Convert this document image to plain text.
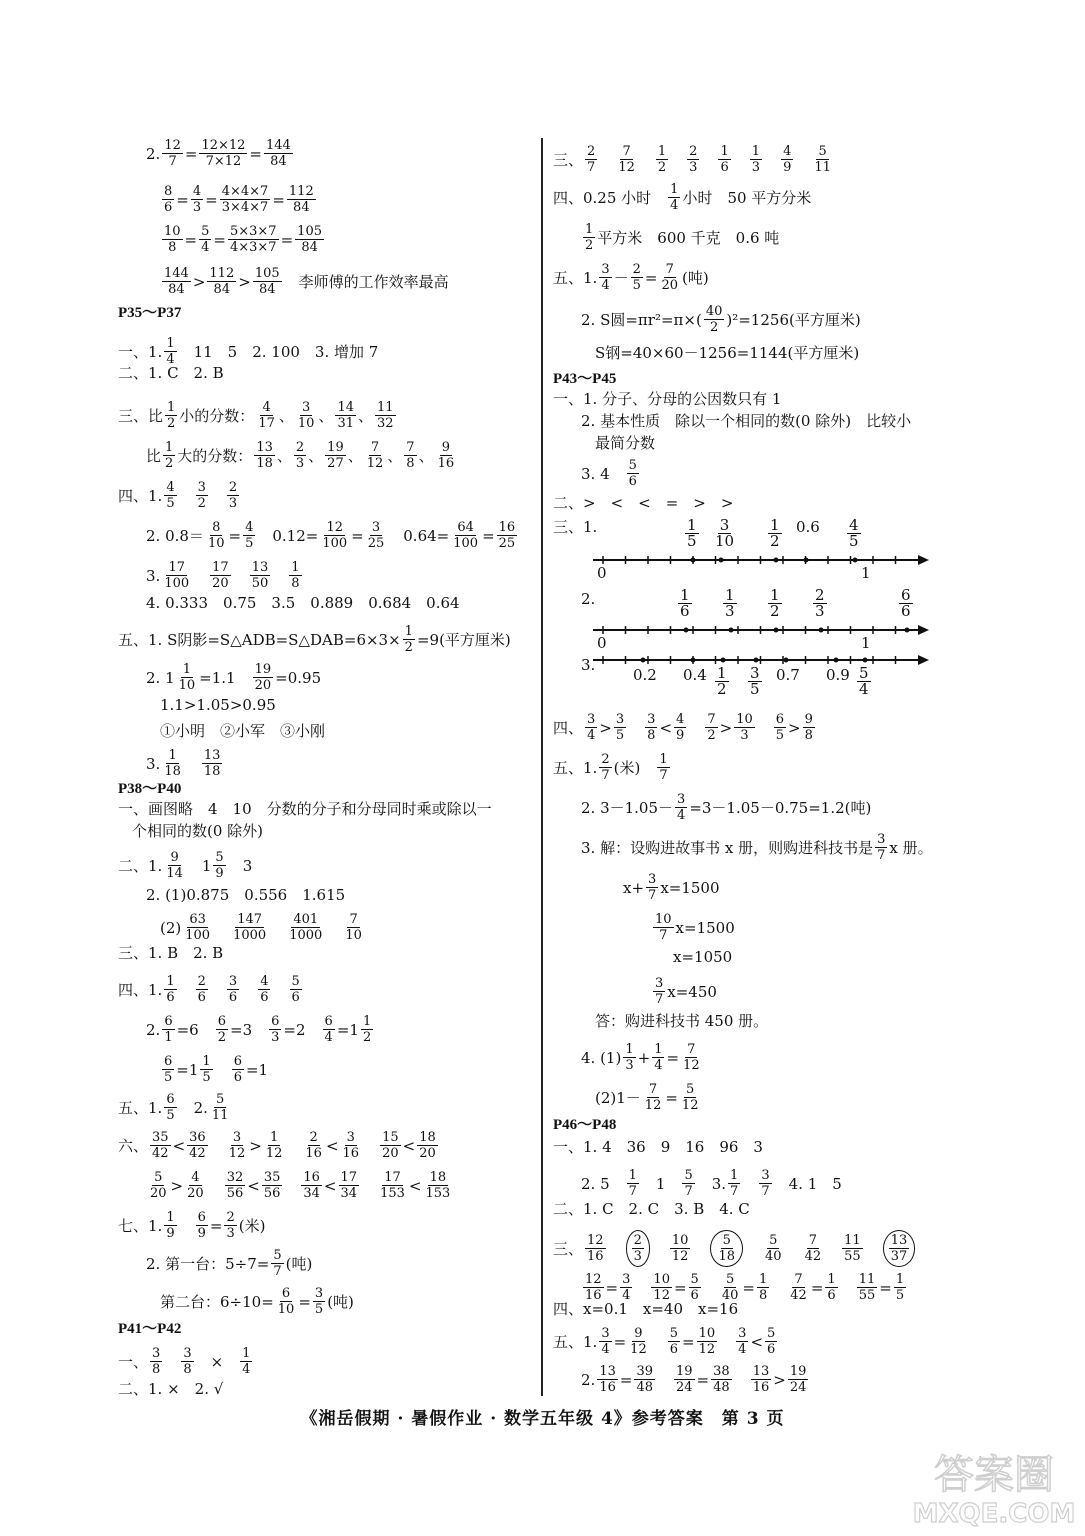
2. $\frac{12}{7} = \frac{12\times 12}{7\times 12} = \frac{144}{84}$
$\frac{8}{6} = \frac{4}{3} = \frac{4\times 4\times 7}{3\times 4\times 7} = \frac{112}{84}$
$\frac{10}{8} = \frac{5}{4} = \frac{5\times 3\times 7}{4\times 3\times 7} = \frac{105}{84}$
$\frac{144}{84} > \frac{112}{84} > \frac{105}{84}$ 　李师傅的工作效率最高
P35～P37
一、1. $\frac{1}{4}$ 　11　5　2. 100　3. 增加 7
二、1. C　2. B
三、比 $\frac{1}{2}$ 小的分数： $\frac{4}{17}$ 、 $\frac{3}{10}$ 、 $\frac{14}{31}$ 、 $\frac{11}{32}$
比 $\frac{1}{2}$ 大的分数： $\frac{13}{18}$ 、 $\frac{2}{3}$ 、 $\frac{19}{27}$ 、 $\frac{7}{12}$ 、 $\frac{7}{8}$ 、 $\frac{9}{16}$
四、1. $\frac{4}{5}$
　 $\frac{3}{2}$
　 $\frac{2}{3}$
2. $0.8= \frac{8}{10} = \frac{4}{5}$ 　$0.12= \frac{12}{100} = \frac{3}{25}$ 　$0.64= \frac{64}{100} = \frac{16}{25}$
3. $\frac{17}{100}$
　 $\frac{17}{20}$
　 $\frac{13}{50}$
　 $\frac{1}{8}$
4. 0.333　0.75　3.5　0.889　0.684　0.64
五、1. S阴影=S△ADB=S△DAB=6×3× $\frac{1}{2} =9$(平方厘米)
2. $1 \frac{1}{10} =1.1$　 $\frac{19}{20} =0.95$
1.1>1.05>0.95
①小明　②小军　③小刚
3. $\frac{1}{18}$
　 $\frac{13}{18}$
P38～P40
一、画图略　4　10　分数的分子和分母同时乘或除以一
个相同的数(0 除外)
二、1. $\frac{9}{14}$ 　$1 \frac{5}{9}$ 　3
2. (1)0.875　0.556　1.615
$(2) \frac{63}{100}$
　 $\frac{147}{1000}$
　 $\frac{401}{1000}$
　 $\frac{7}{10}$
三、1. B　2. B
四、1. $\frac{1}{6}$
　 $\frac{2}{6}$
　 $\frac{3}{6}$
　 $\frac{4}{6}$
　 $\frac{5}{6}$
2. $\frac{6}{1} =6$　 $\frac{6}{2} =3$　 $\frac{6}{3} =2$　 $\frac{6}{4} =1 \frac{1}{2}$
$\frac{6}{5} =1 \frac{1}{5}$
　 $\frac{6}{6} =1$
五、1. $\frac{6}{5}$ 　2. $\frac{5}{11}$
六、 $\frac{35}{42} < \frac{36}{42}$
　 $\frac{3}{12} > \frac{1}{12}$
　 $\frac{2}{16} < \frac{3}{16}$
　 $\frac{15}{20} < \frac{18}{20}$
$\frac{5}{20} > \frac{4}{20}$
　 $\frac{32}{56} < \frac{35}{56}$
　 $\frac{16}{34} < \frac{17}{34}$
　 $\frac{17}{153} < \frac{18}{153}$
七、1. $\frac{1}{9}$
　 $\frac{6}{9} = \frac{2}{3}$ (米)
2. 第一台：$5\div 7= \frac{5}{7}$ (吨)
第二台：$6\div 10= \frac{6}{10} = \frac{3}{5}$ (吨)
P41～P42
一、 $\frac{3}{8}$
　 $\frac{3}{8}$ 　×　 $\frac{1}{4}$
二、1. ×　2. √
三、 $\frac{2}{7}$
　 $\frac{7}{12}$
　 $\frac{1}{2}$
　 $\frac{2}{3}$
　 $\frac{1}{6}$
　 $\frac{1}{3}$
　 $\frac{4}{9}$
　 $\frac{5}{11}$
四、0.25 小时　 $\frac{1}{4}$ 小时　50 平方分米
$\frac{1}{2}$ 平方米　600 千克　0.6 吨
五、1. $\frac{3}{4} - \frac{2}{5} = \frac{7}{20}$ (吨)
2. S圆$=\pi r^2=\pi\times( \frac{40}{2} )^2=1256$(平方厘米)
S钢=40×60－1256=1144(平方厘米)
P43～P45
一、1. 分子、分母的公因数只有 1
2. 基本性质　除以一个相同的数(0 除外)　比较小
最简分数
3. 4　 $\frac{5}{6}$
二、>　<　<　=　>　>
三、1.
2.
3.
四、 $\frac{3}{4} > \frac{3}{5}$
　 $\frac{3}{8} < \frac{4}{9}$
　 $\frac{7}{2} > \frac{10}{3}$
　 $\frac{6}{5} > \frac{9}{8}$
五、1. $\frac{2}{7}$ (米)　 $\frac{1}{7}$
2. $3-1.05- \frac{3}{4} =3-1.05-0.75=1.2$(吨)
3. 解：设购进故事书 x 册，则购进科技书是 $\frac{3}{7}$ x 册。
$x+ \frac{3}{7} x=1500$
$\frac{10}{7} x=1500$
x=1050
$\frac{3}{7} x=450$
答：购进科技书 450 册。
4. $(1) \frac{1}{3} + \frac{1}{4} = \frac{7}{12}$
$(2)1- \frac{7}{12} = \frac{5}{12}$
P46～P48
一、1. 4　36　9　16　96　3
2. 5　 $\frac{1}{7}$ 　1　 $\frac{5}{7}$ 　3. $\frac{1}{7}$
　 $\frac{3}{7}$ 　4. 1　5
二、1. C　2. C　3. B　4. C
三、 $\frac{12}{16}$
　 $\frac{2}{3}$
　 $\frac{10}{12}$
　 $\frac{5}{18}$
　 $\frac{5}{40}$
　 $\frac{7}{42}$
　 $\frac{11}{55}$
　 $\frac{13}{37}$
$\frac{12}{16} = \frac{3}{4}$
　 $\frac{10}{12} = \frac{5}{6}$
　 $\frac{5}{40} = \frac{1}{8}$
　 $\frac{7}{42} = \frac{1}{6}$
　 $\frac{11}{55} = \frac{1}{5}$
四、x=0.1　x=40　x=16
五、1. $\frac{3}{4} = \frac{9}{12}$
　 $\frac{5}{6} = \frac{10}{12}$
　 $\frac{3}{4} < \frac{5}{6}$
2. $\frac{13}{16} = \frac{39}{48}$
　 $\frac{19}{24} = \frac{38}{48}$
　 $\frac{13}{16} > \frac{19}{24}$
$\frac{1}{5} \frac{3}{10} \frac{1}{2} 0.6 \frac{4}{5}$
0	1
$\frac{1}{6} \frac{1}{3} \frac{1}{2} \frac{2}{3}$	$\frac{6}{6}$
0	1
0.2 $0.4 \frac{1}{2} \frac{3}{5} 0.7$ $0.9 \frac{5}{4}$
《湘岳假期 · 暑假作业 · 数学五年级 4》参考答案　第 3 页
答案圈
MXQE.COM
